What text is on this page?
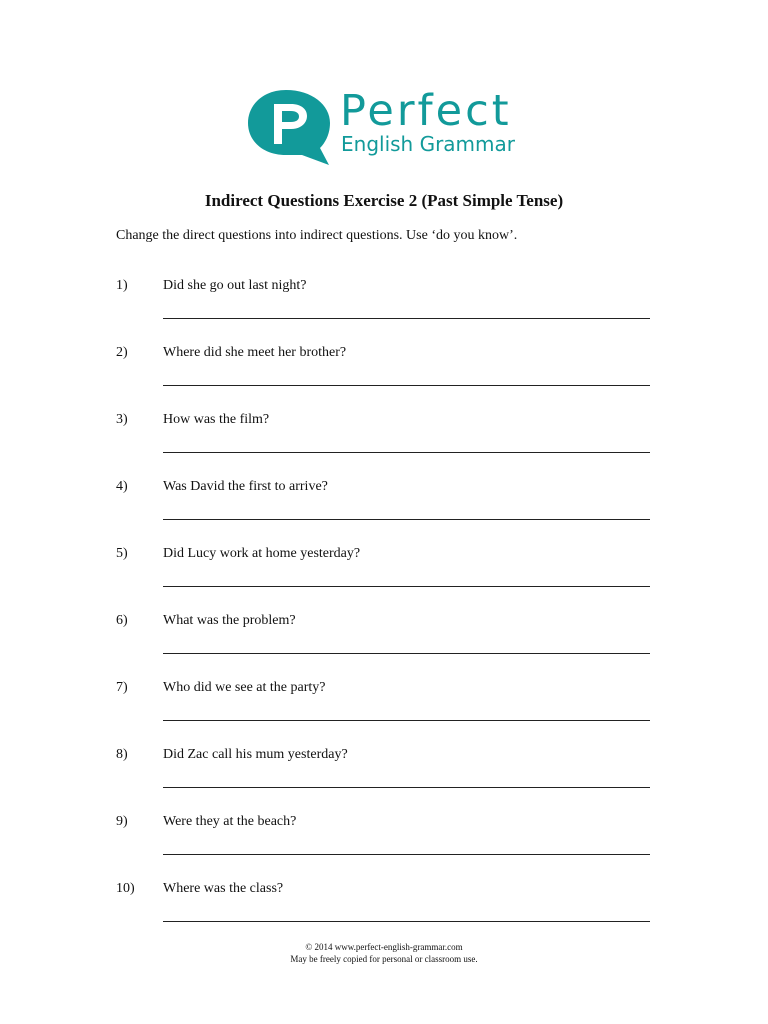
Perfect
English Grammar
Indirect Questions Exercise 2 (Past Simple Tense)

Change the direct questions into indirect questions. Use ‘do you know’.

1)	Did she go out last night?
2)	Where did she meet her brother?
3)	How was the film?
4)	Was David the first to arrive?
5)	Did Lucy work at home yesterday?
6)	What was the problem?
7)	Who did we see at the party?
8)	Did Zac call his mum yesterday?
9)	Were they at the beach?
10) Where was the class?
© 2014 www.perfect-english-grammar.com
May be freely copied for personal or classroom use.
